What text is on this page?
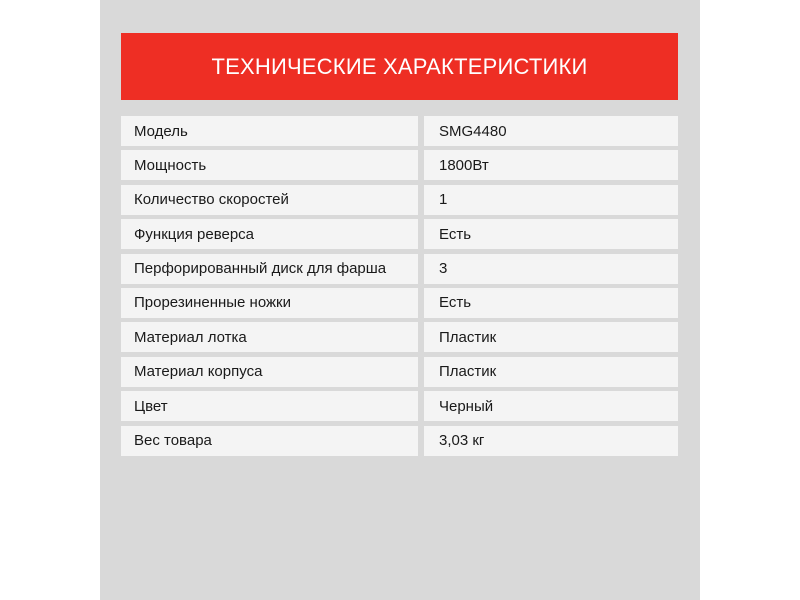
ТЕХНИЧЕСКИЕ ХАРАКТЕРИСТИКИ
Модель	SMG4480
Мощность	1800Вт
Количество скоростей	1
Функция реверса	Есть
Перфорированный диск для фарша	3
Прорезиненные ножки	Есть
Материал лотка	Пластик
Материал корпуса	Пластик
Цвет	Черный
Вес товара	3,03 кг
